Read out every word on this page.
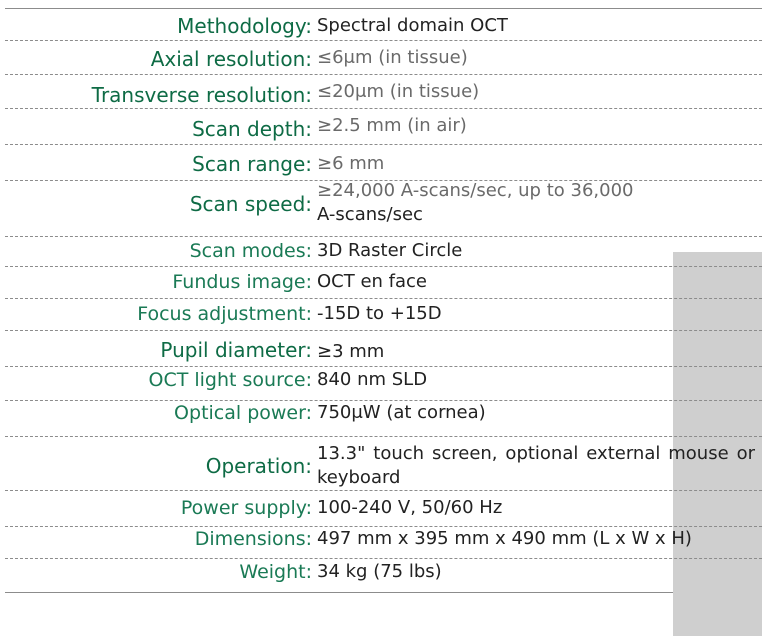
Methodology: Spectral domain OCT
Axial resolution: ≤6μm (in tissue)
Transverse resolution: ≤20μm (in tissue)
Scan depth: ≥2.5 mm (in air)
Scan range: ≥6 mm
Scan speed:
≥24,000 A-scans/sec, up to 36,000
A-scans/sec
Scan modes: 3D Raster Circle
Fundus image: OCT en face
Focus adjustment: -15D to +15D
Pupil diameter: ≥3 mm
OCT light source: 840 nm SLD
Optical power: 750μW (at cornea)
Operation:
13.3" touch screen, optional external mouse or keyboard
Power supply: 100-240 V, 50/60 Hz
Dimensions: 497 mm x 395 mm x 490 mm (L x W x H)
Weight: 34 kg (75 lbs)
